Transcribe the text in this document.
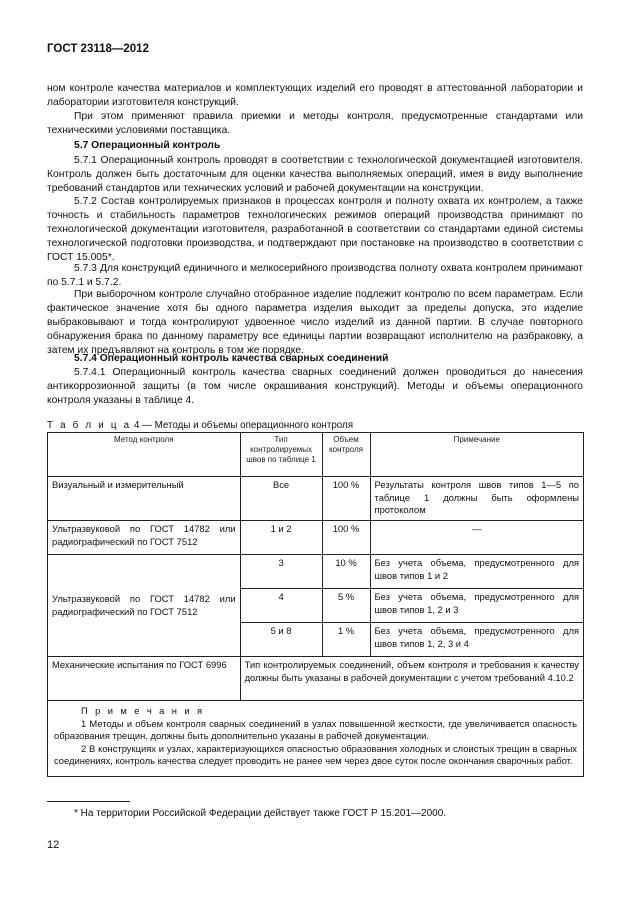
ГОСТ 23118—2012

ном контроле качества материалов и комплектующих изделий его проводят в аттестованной лаборатории и лаборатории изготовителя конструкций.

При этом применяют правила приемки и методы контроля, предусмотренные стандартами или техническими условиями поставщика.

5.7 Операционный контроль

5.7.1 Операционный контроль проводят в соответствии с технологической документацией изготовителя. Контроль должен быть достаточным для оценки качества выполняемых операций, имея в виду выполнение требований стандартов или технических условий и рабочей документации на конструкции.

5.7.2 Состав контролируемых признаков в процессах контроля и полноту охвата их контролем, а также точность и стабильность параметров технологических режимов операций производства принимают по технологической документации изготовителя, разработанной в соответствии со стандартами единой системы технологической подготовки производства, и подтверждают при постановке на производство в соответствии с ГОСТ 15.005*.

5.7.3 Для конструкций единичного и мелкосерийного производства полноту охвата контролем принимают по 5.7.1 и 5.7.2.

При выборочном контроле случайно отобранное изделие подлежит контролю по всем параметрам. Если фактическое значение хотя бы одного параметра изделия выходит за пределы допуска, это изделие выбраковывают и тогда контролируют удвоенное число изделий из данной партии. В случае повторного обнаружения брака по данному параметру все единицы партии возвращают исполнителю на разбраковку, а затем их предъявляют на контроль в том же порядке.

5.7.4 Операционный контроль качества сварных соединений

5.7.4.1 Операционный контроль качества сварных соединений должен проводиться до нанесения антикоррозионной защиты (в том числе окрашивания конструкций). Методы и объемы операционного контроля указаны в таблице 4.

Т а б л и ц а 4 — Методы и объемы операционного контроля
Метод контроля	Тип контролируемых швов по таблице 1	Объем контроля	Примечание
Визуальный и измерительный	Все	100 %	Результаты контроля швов типов 1—5 по таблице 1 должны быть оформлены протоколом
Ультразвуковой по ГОСТ 14782 или радиографический по ГОСТ 7512	1 и 2	100 %	—
Ультразвуковой по ГОСТ 14782 или радиографический по ГОСТ 7512	3	10 %	Без учета объема, предусмотренного для швов типов 1 и 2
	4	5 %	Без учета объема, предусмотренного для швов типов 1, 2 и 3
	5 и 8	1 %	Без учета объема, предусмотренного для швов типов 1, 2, 3 и 4
Механические испытания по ГОСТ 6996	Тип контролируемых соединений, объем контроля и требования к качеству должны быть указаны в рабочей документации с учетом требований 4.10.2		

П р и м е ч а н и я

1 Методы и объем контроля сварных соединений в узлах повышенной жесткости, где увеличивается опасность образования трещин, должны быть дополнительно указаны в рабочей документации.

2 В конструкциях и узлах, характеризующихся опасностью образования холодных и слоистых трещин в сварных соединениях, контроль качества следует проводить не ранее чем через двое суток после окончания сварочных работ.			

* На территории Российской Федерации действует также ГОСТ Р 15.201—2000.
12
